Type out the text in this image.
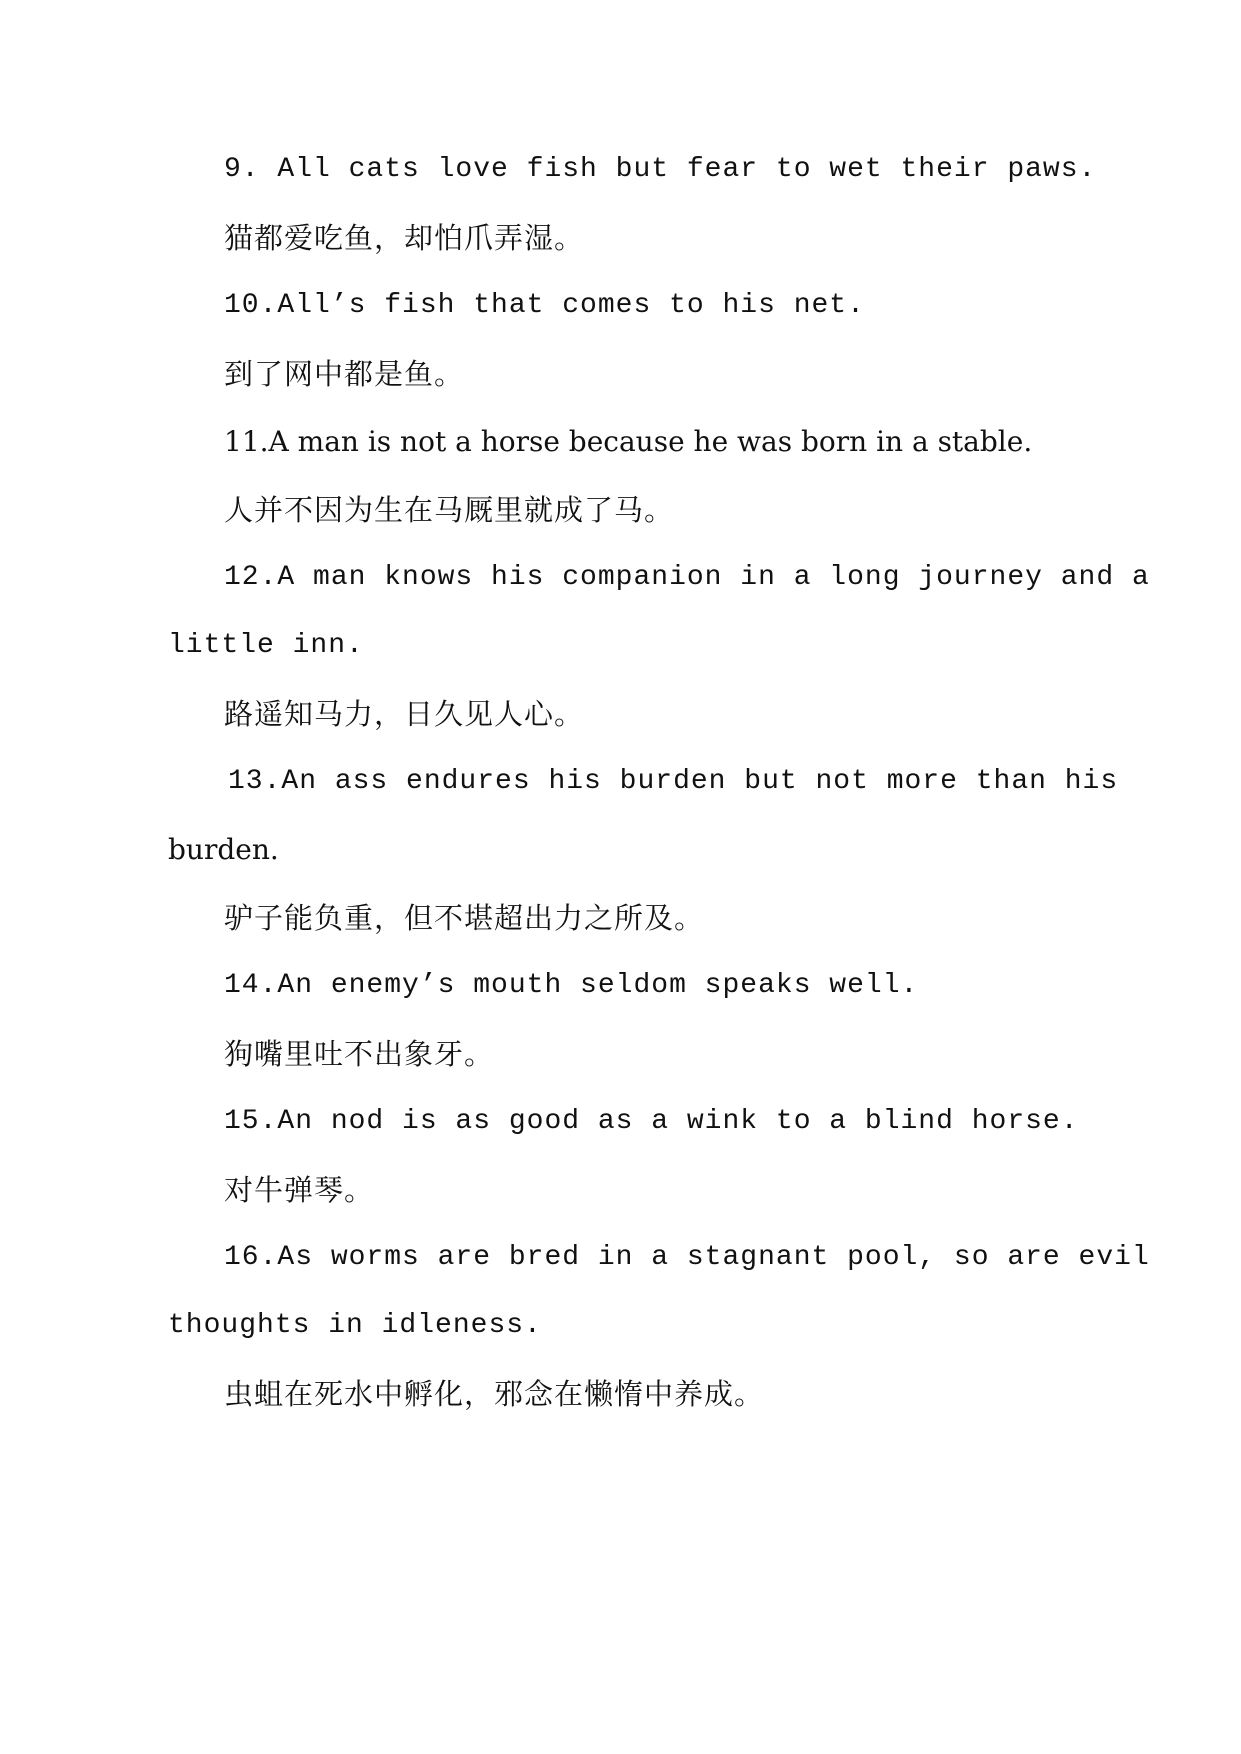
9. All cats love fish but fear to wet their paws.
猫都爱吃鱼，却怕爪弄湿。
10.All’s fish that comes to his net.
到了网中都是鱼。
11.A man is not a horse because he was born in a stable.
人并不因为生在马厩里就成了马。
12.A man knows his companion in a long journey and a
little inn.
路遥知马力，日久见人心。
13.An ass endures his burden but not more than his
burden.
驴子能负重，但不堪超出力之所及。
14.An enemy’s mouth seldom speaks well.
狗嘴里吐不出象牙。
15.An nod is as good as a wink to a blind horse.
对牛弹琴。
16.As worms are bred in a stagnant pool, so are evil
thoughts in idleness.
虫蛆在死水中孵化，邪念在懒惰中养成。
